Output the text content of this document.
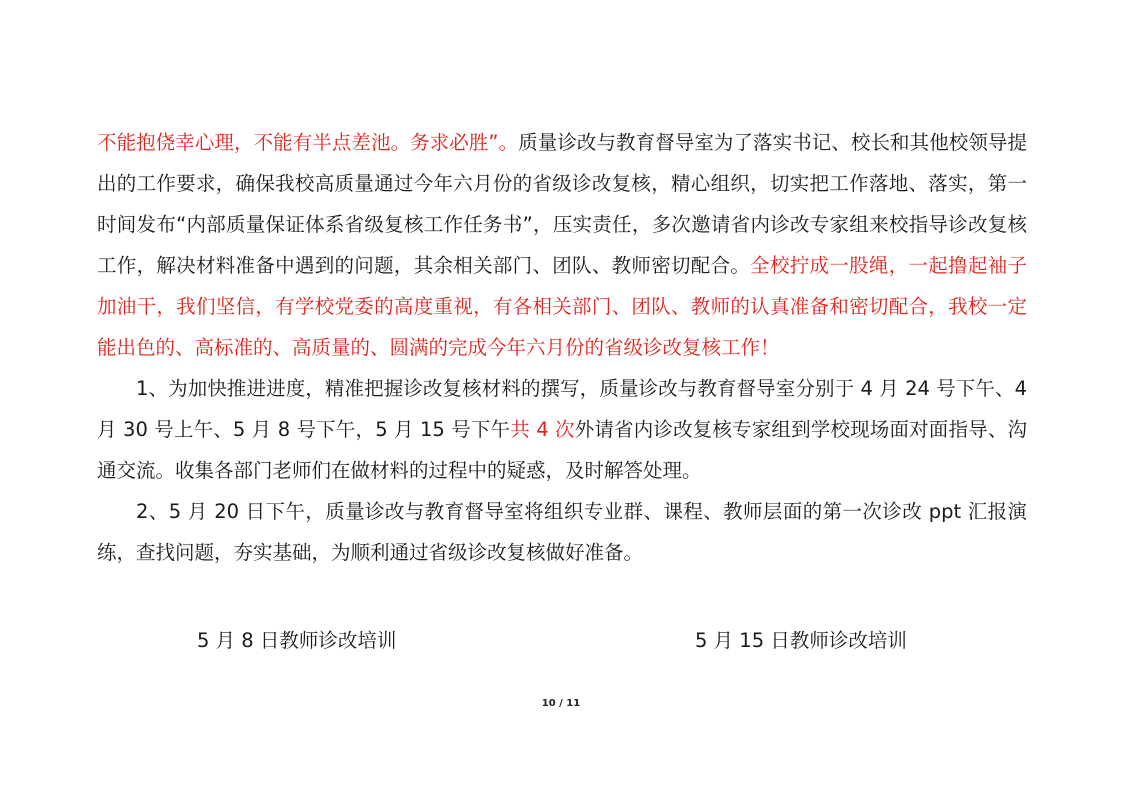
不能抱侥幸心理，不能有半点差池。务求必胜”。质量诊改与教育督导室为了落实书记、校长和其他校领导提出的工作要求，确保我校高质量通过今年六月份的省级诊改复核，精心组织，切实把工作落地、落实，第一时间发布“内部质量保证体系省级复核工作任务书”，压实责任，多次邀请省内诊改专家组来校指导诊改复核工作，解决材料准备中遇到的问题，其余相关部门、团队、教师密切配合。全校拧成一股绳，一起撸起袖子加油干，我们坚信，有学校党委的高度重视，有各相关部门、团队、教师的认真准备和密切配合，我校一定能出色的、高标准的、高质量的、圆满的完成今年六月份的省级诊改复核工作！

1、为加快推进进度，精准把握诊改复核材料的撰写，质量诊改与教育督导室分别于 4 月 24 号下午、4 月 30 号上午、5 月 8 号下午，5 月 15 号下午共 4 次外请省内诊改复核专家组到学校现场面对面指导、沟通交流。收集各部门老师们在做材料的过程中的疑惑，及时解答处理。

2、5 月 20 日下午，质量诊改与教育督导室将组织专业群、课程、教师层面的第一次诊改 ppt 汇报演练，查找问题，夯实基础，为顺利通过省级诊改复核做好准备。

5 月 8 日教师诊改培训	5 月 15 日教师诊改培训
10 / 11
